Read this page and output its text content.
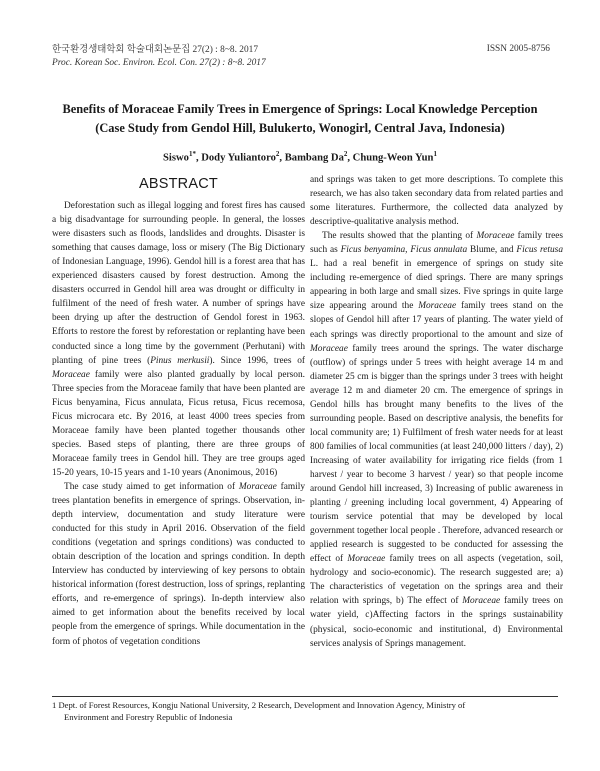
한국환경생태학회 학술대회논문집 27(2) : 8~8. 2017
Proc. Korean Soc. Environ. Ecol. Con. 27(2) : 8~8. 2017
ISSN 2005-8756
Benefits of Moraceae Family Trees in Emergence of Springs: Local Knowledge Perception
(Case Study from Gendol Hill, Bulukerto, Wonogirl, Central Java, Indonesia)
Siswo$^{1*}$, Dody Yuliantoro$^2$, Bambang Da$^2$, Chung-Weon Yun$^1$
ABSTRACT

Deforestation such as illegal logging and forest fires has caused a big disadvantage for surrounding people. In general, the losses were disasters such as floods, landslides and droughts. Disaster is something that causes damage, loss or misery (The Big Dictionary of Indonesian Language, 1996). Gendol hill is a forest area that has experienced disasters caused by forest destruction. Among the disasters occurred in Gendol hill area was drought or difficulty in fulfilment of the need of fresh water. A number of springs have been drying up after the destruction of Gendol forest in 1963. Efforts to restore the forest by reforestation or replanting have been conducted since a long time by the government (Perhutani) with planting of pine trees (Pinus merkusii). Since 1996, trees of Moraceae family were also planted gradually by local person. Three species from the Moraceae family that have been planted are Ficus benyamina, Ficus annulata, Ficus retusa, Ficus recemosa, Ficus microcara etc. By 2016, at least 4000 trees species from Moraceae family have been planted together thousands other species. Based steps of planting, there are three groups of Moraceae family trees in Gendol hill. They are tree groups aged 15-20 years, 10-15 years and 1-10 years (Anonimous, 2016)

The case study aimed to get information of Moraceae family trees plantation benefits in emergence of springs. Observation, in-depth interview, documentation and study literature were conducted for this study in April 2016. Observation of the field conditions (vegetation and springs conditions) was conducted to obtain description of the location and springs condition. In depth Interview has conducted by interviewing of key persons to obtain historical information (forest destruction, loss of springs, replanting efforts, and re-emergence of springs). In-depth interview also aimed to get information about the benefits received by local people from the emergence of springs. While documentation in the form of photos of vegetation conditions

and springs was taken to get more descriptions. To complete this research, we has also taken secondary data from related parties and some literatures. Furthermore, the collected data analyzed by descriptive-qualitative analysis method.

The results showed that the planting of Moraceae family trees such as Ficus benyamina, Ficus annulata Blume, and Ficus retusa L. had a real benefit in emergence of springs on study site including re-emergence of died springs. There are many springs appearing in both large and small sizes. Five springs in quite large size appearing around the Moraceae family trees stand on the slopes of Gendol hill after 17 years of planting. The water yield of each springs was directly proportional to the amount and size of Moraceae family trees around the springs. The water discharge (outflow) of springs under 5 trees with height average 14 m and diameter 25 cm is bigger than the springs under 3 trees with height average 12 m and diameter 20 cm. The emergence of springs in Gendol hills has brought many benefits to the lives of the surrounding people. Based on descriptive analysis, the benefits for local community are; 1) Fulfilment of fresh water needs for at least 800 families of local communities (at least 240,000 litters / day), 2) Increasing of water availability for irrigating rice fields (from 1 harvest / year to become 3 harvest / year) so that people income around Gendol hill increased, 3) Increasing of public awareness in planting / greening including local government, 4) Appearing of tourism service potential that may be developed by local government together local people . Therefore, advanced research or applied research is suggested to be conducted for assessing the effect of Moraceae family trees on all aspects (vegetation, soil, hydrology and socio-economic). The research suggested are; a) The characteristics of vegetation on the springs area and their relation with springs, b) The effect of Moraceae family trees on water yield, c)Affecting factors in the springs sustainability (physical, socio-economic and institutional, d) Environmental services analysis of Springs management.

1 Dept. of Forest Resources, Kongju National University, 2 Research, Development and Innovation Agency, Ministry of
Environment and Forestry Republic of Indonesia
